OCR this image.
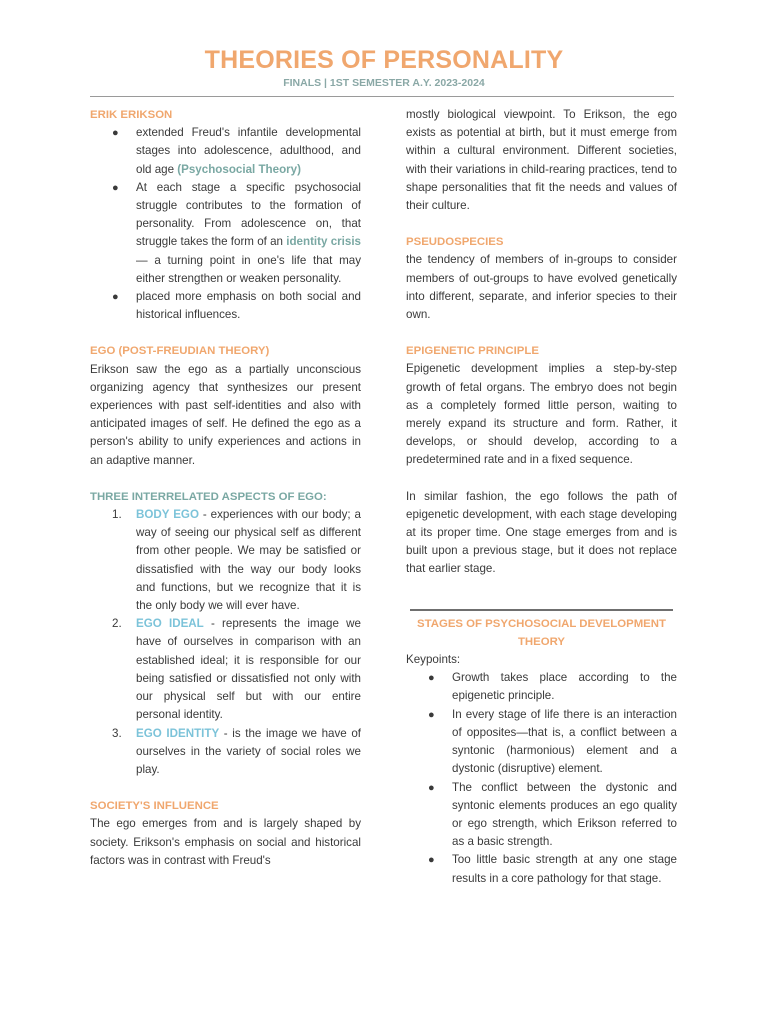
THEORIES OF PERSONALITY
FINALS | 1ST SEMESTER A.Y. 2023-2024
ERIK ERIKSON
● extended Freud's infantile developmental stages into adolescence, adulthood, and old age (Psychosocial Theory)
● At each stage a specific psychosocial struggle contributes to the formation of personality. From adolescence on, that struggle takes the form of an identity crisis— a turning point in one's life that may either strengthen or weaken personality.
● placed more emphasis on both social and historical influences.
EGO (POST-FREUDIAN THEORY)

Erikson saw the ego as a partially unconscious organizing agency that synthesizes our present experiences with past self-identities and also with anticipated images of self. He defined the ego as a person's ability to unify experiences and actions in an adaptive manner.

THREE INTERRELATED ASPECTS OF EGO:
1. BODY EGO - experiences with our body; a way of seeing our physical self as different from other people. We may be satisfied or dissatisfied with the way our body looks and functions, but we recognize that it is the only body we will ever have.
2. EGO IDEAL - represents the image we have of ourselves in comparison with an established ideal; it is responsible for our being satisfied or dissatisfied not only with our physical self but with our entire personal identity.
3. EGO IDENTITY - is the image we have of ourselves in the variety of social roles we play.
SOCIETY'S INFLUENCE

The ego emerges from and is largely shaped by society. Erikson's emphasis on social and historical factors was in contrast with Freud's

mostly biological viewpoint. To Erikson, the ego exists as potential at birth, but it must emerge from within a cultural environment. Different societies, with their variations in child-rearing practices, tend to shape personalities that fit the needs and values of their culture.

PSEUDOSPECIES

the tendency of members of in-groups to consider members of out-groups to have evolved genetically into different, separate, and inferior species to their own.

EPIGENETIC PRINCIPLE

Epigenetic development implies a step-by-step growth of fetal organs. The embryo does not begin as a completely formed little person, waiting to merely expand its structure and form. Rather, it develops, or should develop, according to a predetermined rate and in a fixed sequence.

In similar fashion, the ego follows the path of epigenetic development, with each stage developing at its proper time. One stage emerges from and is built upon a previous stage, but it does not replace that earlier stage.

STAGES OF PSYCHOSOCIAL DEVELOPMENT THEORY
Keypoints:
● Growth takes place according to the epigenetic principle.
● In every stage of life there is an interaction of opposites—that is, a conflict between a syntonic (harmonious) element and a dystonic (disruptive) element.
● The conflict between the dystonic and syntonic elements produces an ego quality or ego strength, which Erikson referred to as a basic strength.
● Too little basic strength at any one stage results in a core pathology for that stage.
